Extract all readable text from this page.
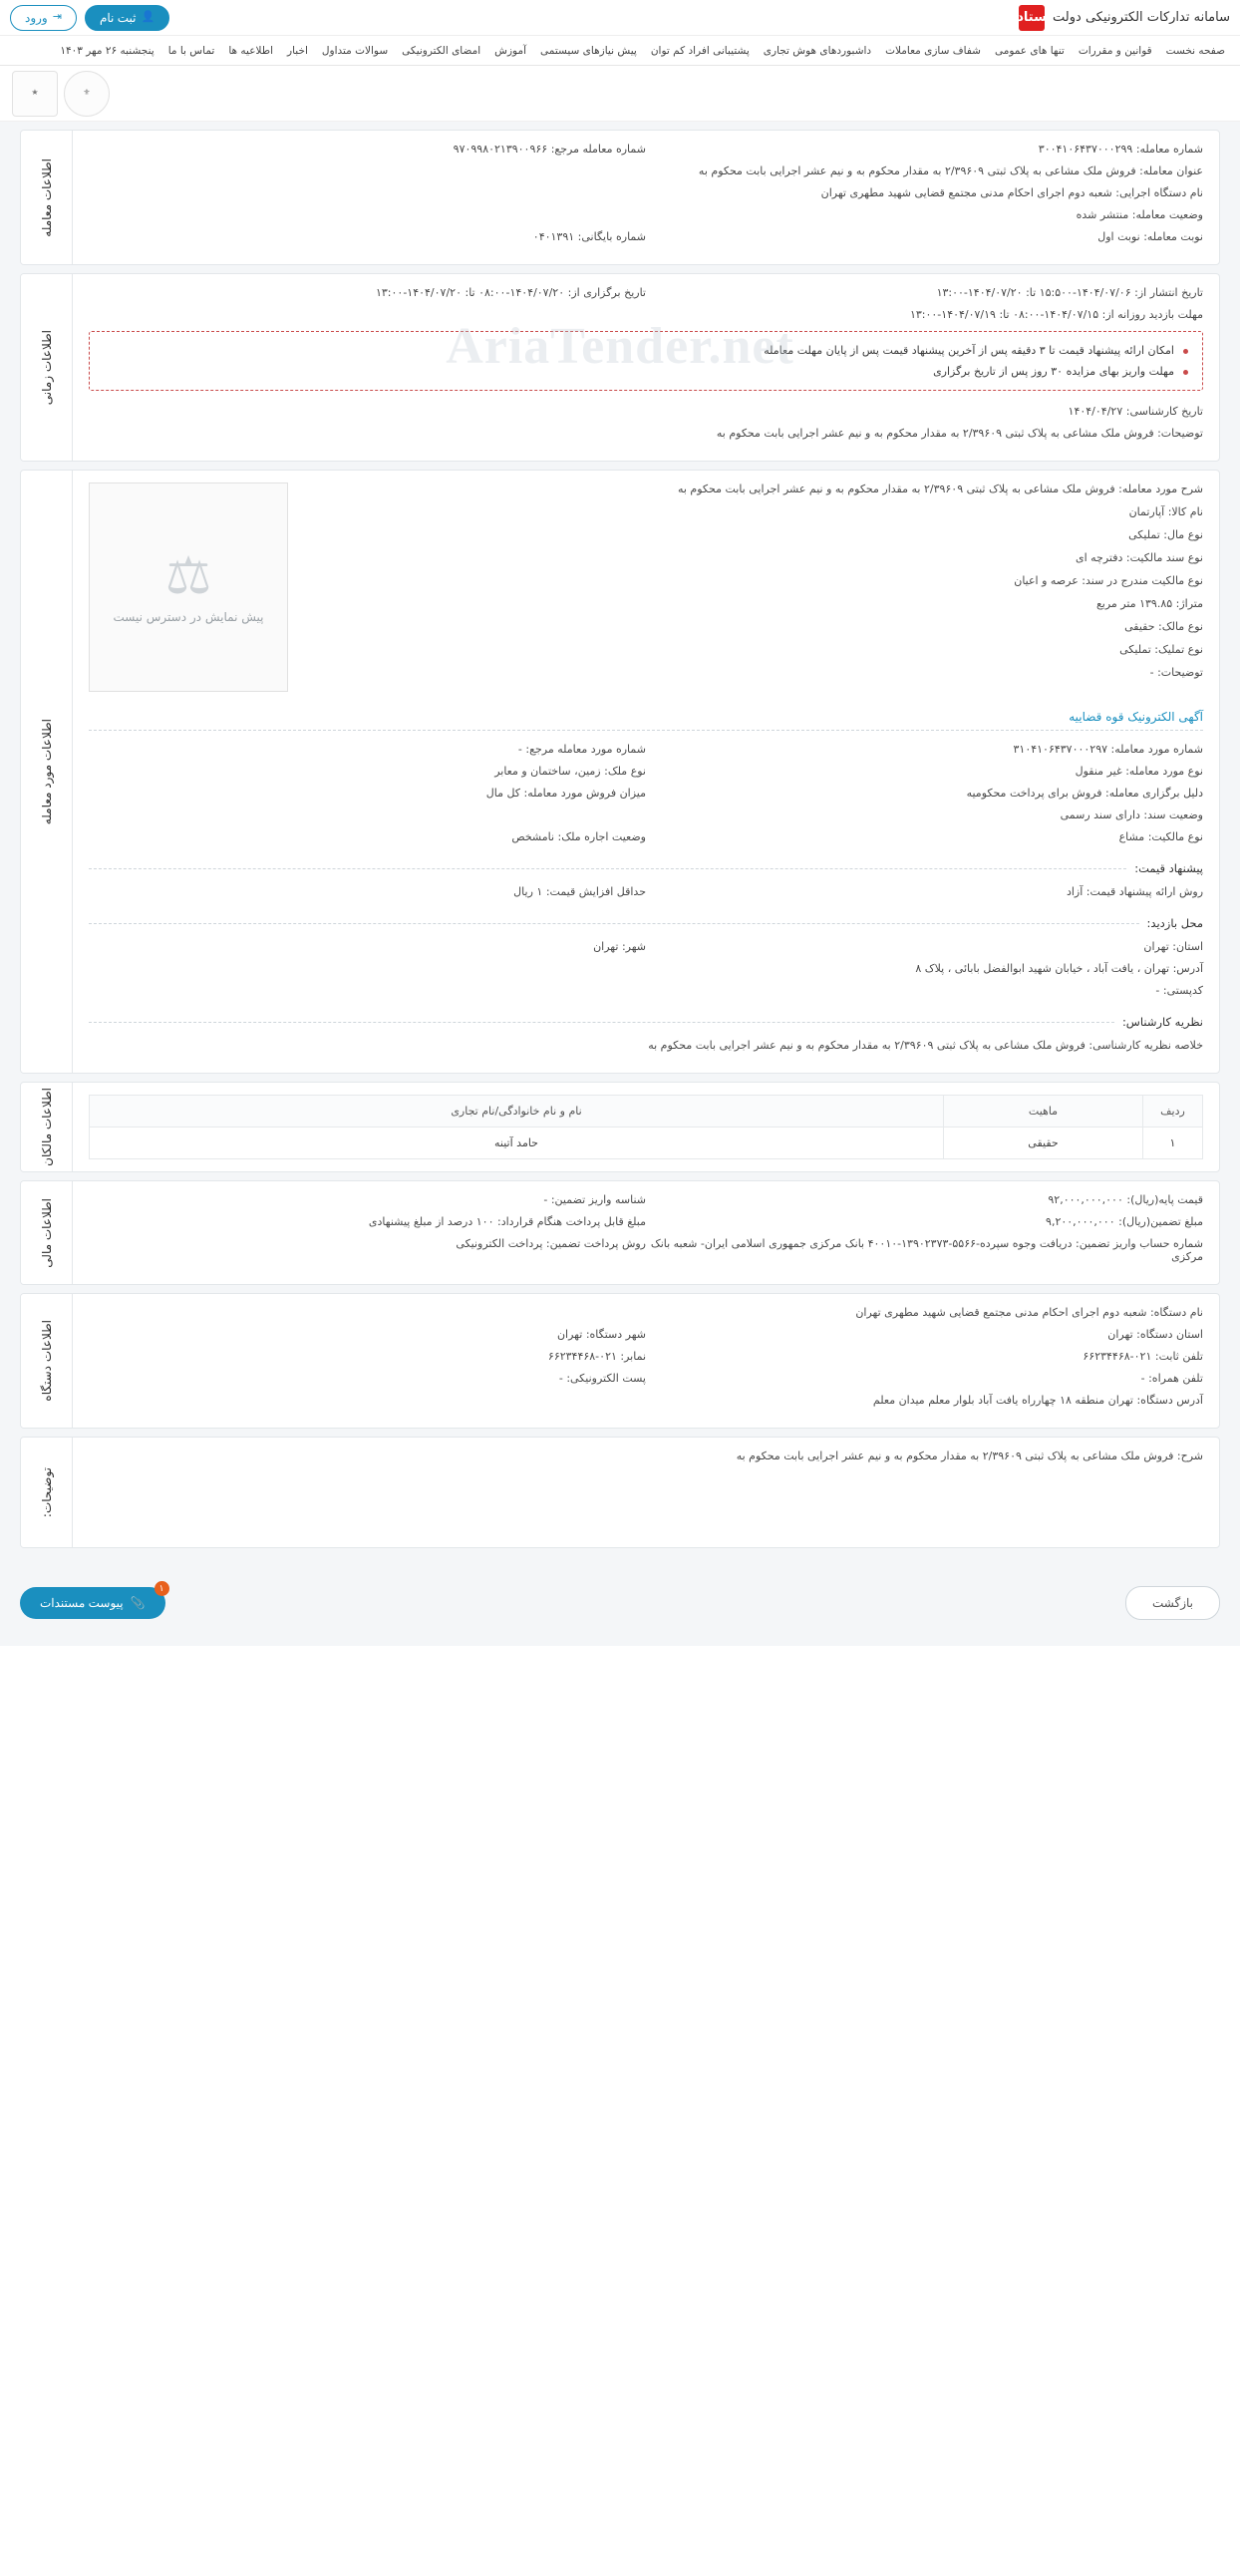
سامانه تدارکات الکترونیکی دولت
ستاد
👤
ثبت نام
⇥
ورود
صفحه نخست
قوانین و مقررات
تنها های عمومی
شفاف سازی معاملات
داشبوردهای هوش تجاری
پشتیبانی افراد کم توان
پیش نیازهای سیستمی
آموزش
امضای الکترونیکی
سوالات متداول
اخبار
اطلاعیه ها
تماس با ما
پنجشنبه ۲۶ مهر ۱۴۰۳
⚜
★
AriaTender.net
شماره معامله: ۳۰۰۴۱۰۶۴۳۷۰۰۰۲۹۹
شماره معامله مرجع: ۹۷۰۹۹۸۰۲۱۳۹۰۰۹۶۶
عنوان معامله: فروش ملک مشاعی به پلاک ثبتی ۲/۳۹۶۰۹ به مقدار محکوم به و نیم عشر اجرایی بابت محکوم به
نام دستگاه اجرایی: شعبه دوم اجرای احکام مدنی مجتمع قضایی شهید مطهری تهران
وضعیت معامله: منتشر شده
نوبت معامله: نوبت اول
شماره بایگانی: ۰۴۰۱۳۹۱
اطلاعات معامله
تاریخ انتشار از: ۱۴۰۴/۰۷/۰۶-۱۵:۵۰۰ تا: ۱۴۰۴/۰۷/۲۰-۱۳:۰۰
تاریخ برگزاری از: ۱۴۰۴/۰۷/۲۰-۰۸:۰۰ تا: ۱۴۰۴/۰۷/۲۰-۱۳:۰۰
مهلت بازدید روزانه از: ۱۴۰۴/۰۷/۱۵-۰۸:۰۰ تا: ۱۴۰۴/۰۷/۱۹-۱۳:۰۰
امکان ارائه پیشنهاد قیمت تا ۳ دقیقه پس از آخرین پیشنهاد قیمت پس از پایان مهلت معامله
مهلت واریز بهای مزایده ۳۰ روز پس از تاریخ برگزاری
تاریخ کارشناسی: ۱۴۰۴/۰۴/۲۷
توضیحات: فروش ملک مشاعی به پلاک ثبتی ۲/۳۹۶۰۹ به مقدار محکوم به و نیم عشر اجرایی بابت محکوم به
اطلاعات زمانی
شرح مورد معامله: فروش ملک مشاعی به پلاک ثبتی ۲/۳۹۶۰۹ به مقدار محکوم به و نیم عشر اجرایی بابت محکوم به
نام کالا: آپارتمان
نوع مال: تملیکی
نوع سند مالکیت: دفترچه ای
نوع مالکیت مندرج در سند: عرصه و اعیان
متراژ: ۱۳۹.۸۵ متر مربع
نوع مالک: حقیقی
نوع تملیک: تملیکی
توضیحات: -
⚖
پیش نمایش در دسترس نیست
آگهی الکترونیک قوه قضاییه
شماره مورد معامله: ۳۱۰۴۱۰۶۴۳۷۰۰۰۲۹۷
شماره مورد معامله مرجع: -
نوع مورد معامله: غیر منقول
نوع ملک: زمین، ساختمان و معابر
دلیل برگزاری معامله: فروش برای پرداخت محکومیه
میزان فروش مورد معامله: کل مال
وضعیت سند: دارای سند رسمی
نوع مالکیت: مشاع
وضعیت اجاره ملک: نامشخص
پیشنهاد قیمت:
روش ارائه پیشنهاد قیمت: آزاد
حداقل افزایش قیمت: ۱ ریال
محل بازدید:
استان: تهران
شهر: تهران
آدرس: تهران ، یافت آباد ، خیابان شهید ابوالفضل بابائی ، پلاک ۸
کدپستی: -
نظریه کارشناس:
خلاصه نظریه کارشناسی: فروش ملک مشاعی به پلاک ثبتی ۲/۳۹۶۰۹ به مقدار محکوم به و نیم عشر اجرایی بابت محکوم به
اطلاعات مورد معامله
ردیف	ماهیت	نام و نام خانوادگی/نام تجاری
۱	حقیقی	حامد آتینه
اطلاعات مالکان
قیمت پایه(ریال): ۹۲,۰۰۰,۰۰۰,۰۰۰
شناسه واریز تضمین: -
مبلغ تضمین(ریال): ۹,۲۰۰,۰۰۰,۰۰۰
مبلغ قابل پرداخت هنگام قرارداد: ۱۰۰ درصد از مبلغ پیشنهادی
شماره حساب واریز تضمین: دریافت وجوه سپرده-۵۵۶۶-۱۳۹۰۲۳۷۳-۴۰۰۱۰ بانک مرکزی جمهوری اسلامی ایران- شعبه بانک مرکزی
روش پرداخت تضمین: پرداخت الکترونیکی
اطلاعات مالی
نام دستگاه: شعبه دوم اجرای احکام مدنی مجتمع قضایی شهید مطهری تهران
استان دستگاه: تهران
شهر دستگاه: تهران
تلفن ثابت: ۰۲۱-۶۶۲۳۴۴۶۸
نمابر: ۰۲۱-۶۶۲۳۴۴۶۸
تلفن همراه: -
پست الکترونیکی: -
آدرس دستگاه: تهران منطقه ۱۸ چهارراه یافت آباد بلوار معلم میدان معلم
اطلاعات دستگاه
شرح: فروش ملک مشاعی به پلاک ثبتی ۲/۳۹۶۰۹ به مقدار محکوم به و نیم عشر اجرایی بابت محکوم به
توضیحات:
بازگشت
۱
📎
پیوست مستندات
